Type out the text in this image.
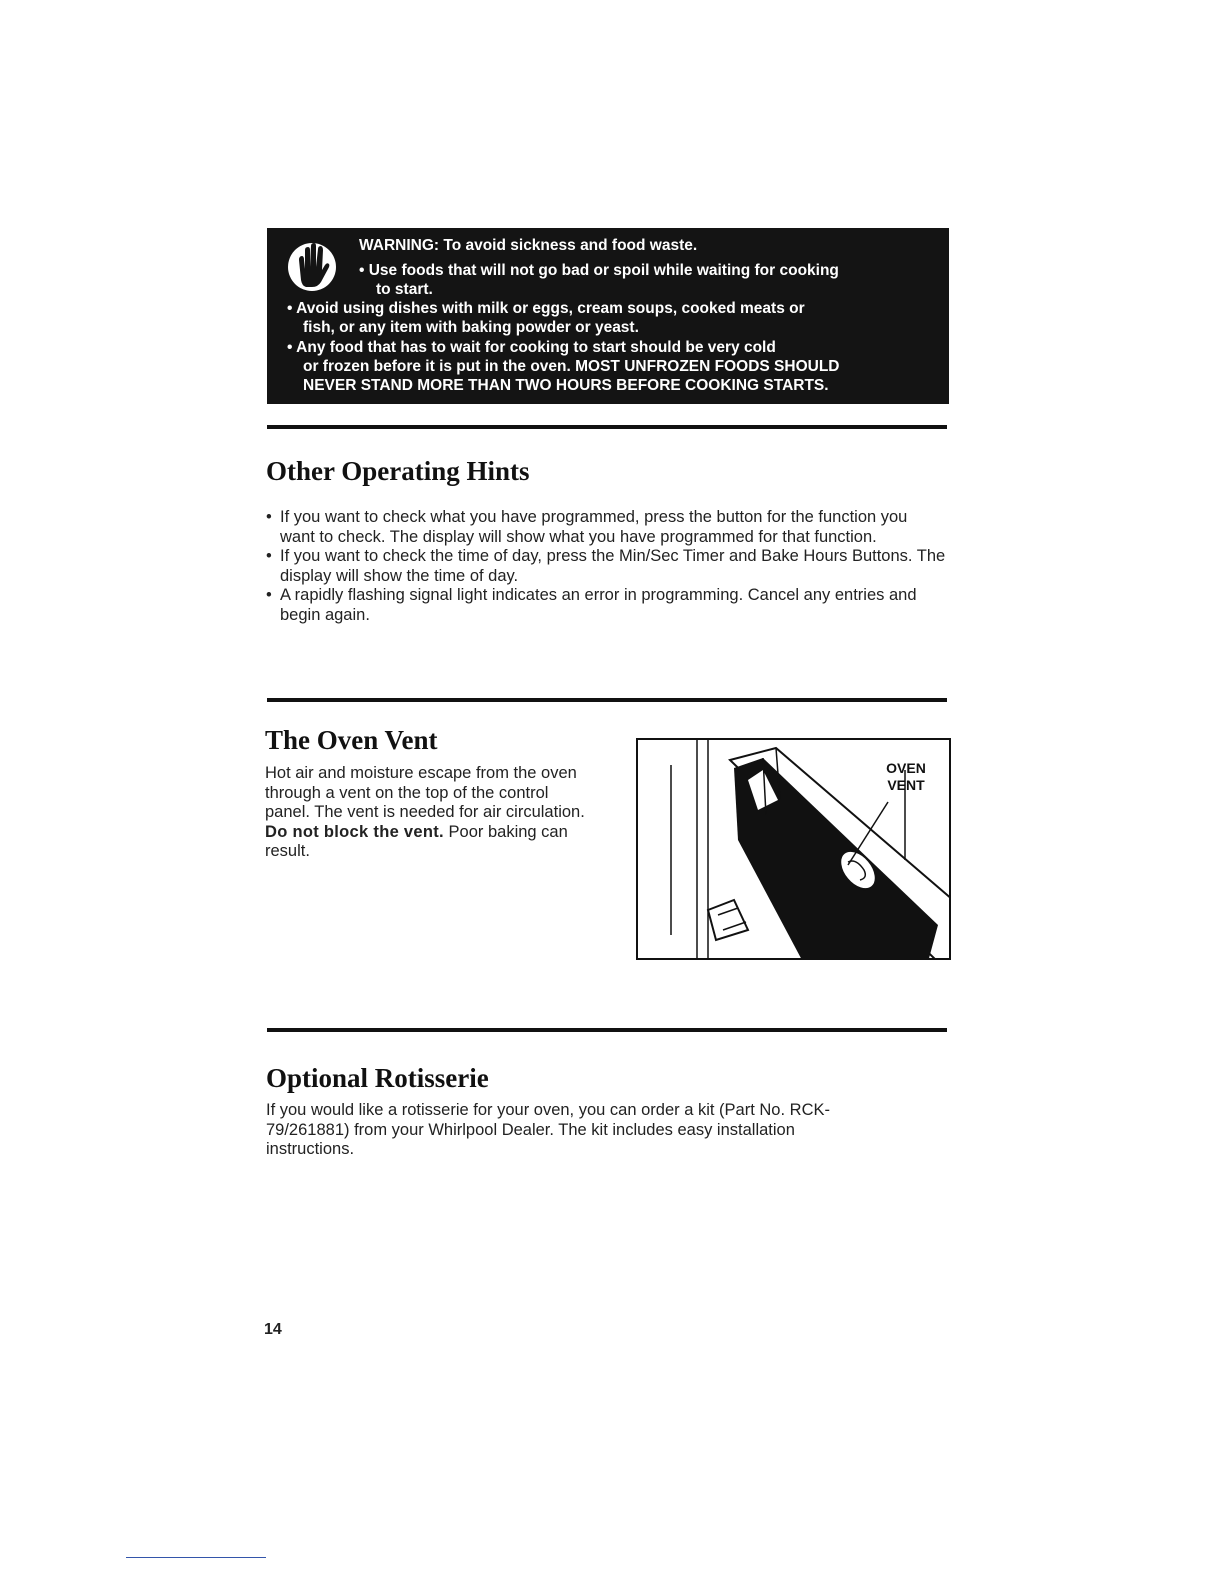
WARNING: To avoid sickness and food waste.
• Use foods that will not go bad or spoil while waiting for cooking
to start.
• Avoid using dishes with milk or eggs, cream soups, cooked meats or
fish, or any item with baking powder or yeast.
• Any food that has to wait for cooking to start should be very cold
or frozen before it is put in the oven. MOST UNFROZEN FOODS SHOULD
NEVER STAND MORE THAN TWO HOURS BEFORE COOKING STARTS.
Other Operating Hints
• If you want to check what you have programmed, press the button for the function you want to check. The display will show what you have programmed for that function.
• If you want to check the time of day, press the Min/Sec Timer and Bake Hours Buttons. The display will show the time of day.
• A rapidly flashing signal light indicates an error in programming. Cancel any entries and begin again.
The Oven Vent
Hot air and moisture escape from the oven through a vent on the top of the control panel. The vent is needed for air circulation. Do not block the vent. Poor baking can result.
OVEN
VENT
Optional Rotisserie
If you would like a rotisserie for your oven, you can order a kit (Part No. RCK-79/261881) from your Whirlpool Dealer. The kit includes easy installation instructions.
14
